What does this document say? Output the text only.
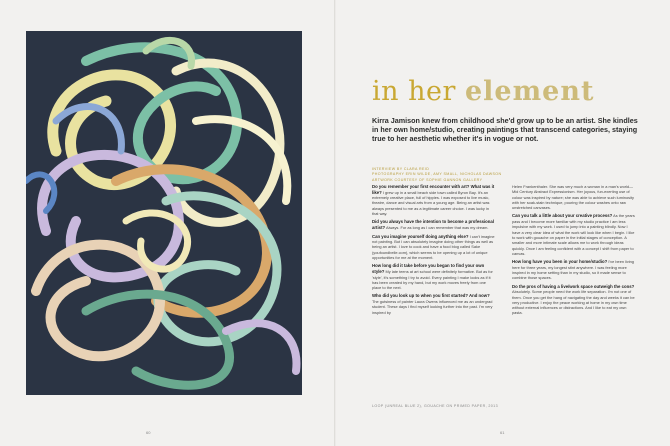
60	61
in her element
Kirra Jamison knew from childhood she'd grow up to be an artist. She kindles in her own home/studio, creating paintings that transcend categories, staying true to her aesthetic whether it's in vogue or not.
INTERVIEW BY CLARA REID
PHOTOGRAPHY ERIN WILDE, AMY SMALL, NICHOLAS DAWSON
ARTWORK COURTESY OF SOPHIE GANNON GALLERY

Do you remember your first encounter with art? What was it like? I grew up in a small beach side town called Byron Bay. It's an extremely creative place, full of hippies. I was exposed to live music, theatre, dance and visual arts from a young age. Being an artist was always presented to me as a legitimate career choice. I was lucky in that way.

Did you always have the intention to become a professional artist? Always. For as long as I can remember that was my dream.

Can you imagine yourself doing anything else? I can't imagine not painting. But I can absolutely imagine doing other things as well as being an artist. I love to cook and have a food blog called Sake (youfoundbelle.com), which seems to be opening up a lot of unique opportunities for me at the moment.

How long did it take before you began to find your own style? My late teens at art school were definitely formative. But as for 'style', it's something I try to avoid. Every painting I make looks as if it has been created by my hand, but my work moves freely from one place to the next.

Who did you look up to when you first started? And now? The gutsiness of painter Laura Owens influenced me as an undergrad student. These days I find myself looking further into the past. I'm very inspired by

Helen Frankenthaler. She was very much a woman in a man's world—Mid Century Abstract Expressionism. Her joyous, fun-exerting use of colour was inspired by nature; she was able to achieve such luminosity with her soak-stain technique, pouring the colour washes onto raw unstretched canvases.

Can you talk a little about your creative process? As the years pass and I become more familiar with my studio practice I am less impulsive with my work. I used to jump into a painting blindly. Now I have a very clear idea of what the work will look like when I begin. I like to work with gouache on paper in the initial stages of conception. A smaller and more intimate scale allows me to work through ideas quickly. Once I am feeling confident with a concept I shift from paper to canvas.

How long have you been in your home/studio? I've been living here for three years, my longest stint anywhere. I was feeling more inspired in my home setting than in my studio, so it made sense to combine those spaces.

Do the pros of having a live/work space outweigh the cons? Absolutely. Some people need the work life separation. I'm not one of them. Once you get the hang of navigating the day and weeks it can be very productive. I enjoy the peace working at home in my own time without external influences or distractions. And I like to eat my own pasta.

LOOP (UNREAL BLUE 2), GOUACHE ON PRIMED PAPER, 2013
